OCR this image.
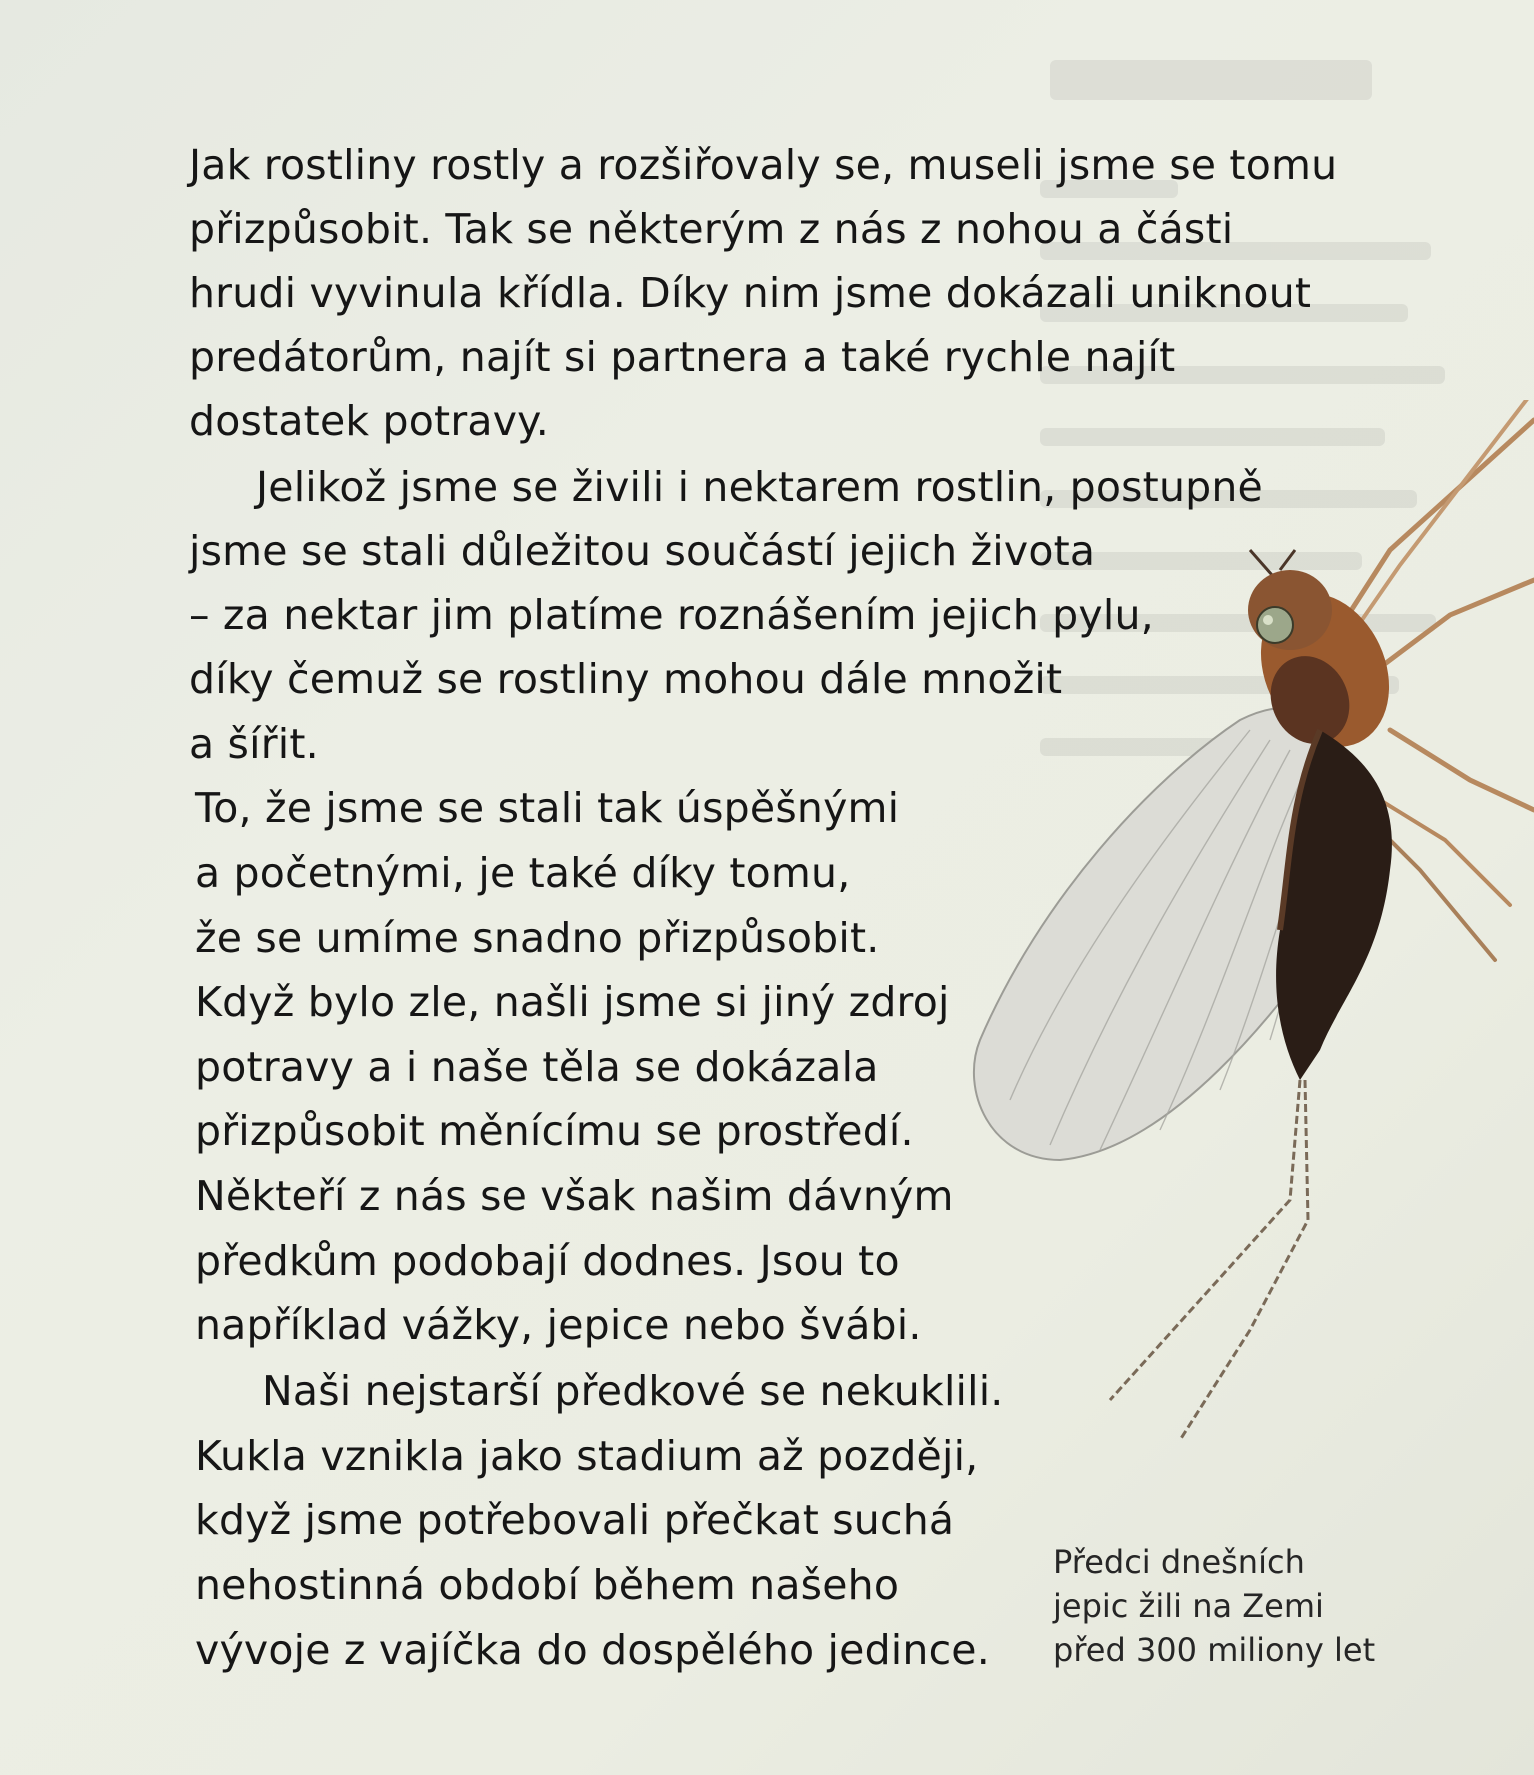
Jak rostliny rostly a rozšiřovaly se, museli jsme se tomu
přizpůsobit. Tak se některým z nás z nohou a části
hrudi vyvinula křídla. Díky nim jsme dokázali uniknout
predátorům, najít si partnera a také rychle najít
dostatek potravy.
Jelikož jsme se živili i nektarem rostlin, postupně
jsme se stali důležitou součástí jejich života
– za nektar jim platíme roznášením jejich pylu,
díky čemuž se rostliny mohou dále množit
a šířit.
To, že jsme se stali tak úspěšnými
a početnými, je také díky tomu,
že se umíme snadno přizpůsobit.
Když bylo zle, našli jsme si jiný zdroj
potravy a i naše těla se dokázala
přizpůsobit měnícímu se prostředí.
Někteří z nás se však našim dávným
předkům podobají dodnes. Jsou to
například vážky, jepice nebo švábi.
Naši nejstarší předkové se nekuklili.
Kukla vznikla jako stadium až později,
když jsme potřebovali přečkat suchá
nehostinná období během našeho
vývoje z vajíčka do dospělého jedince.
Předci dnešních
jepic žili na Zemi
před 300 miliony let
